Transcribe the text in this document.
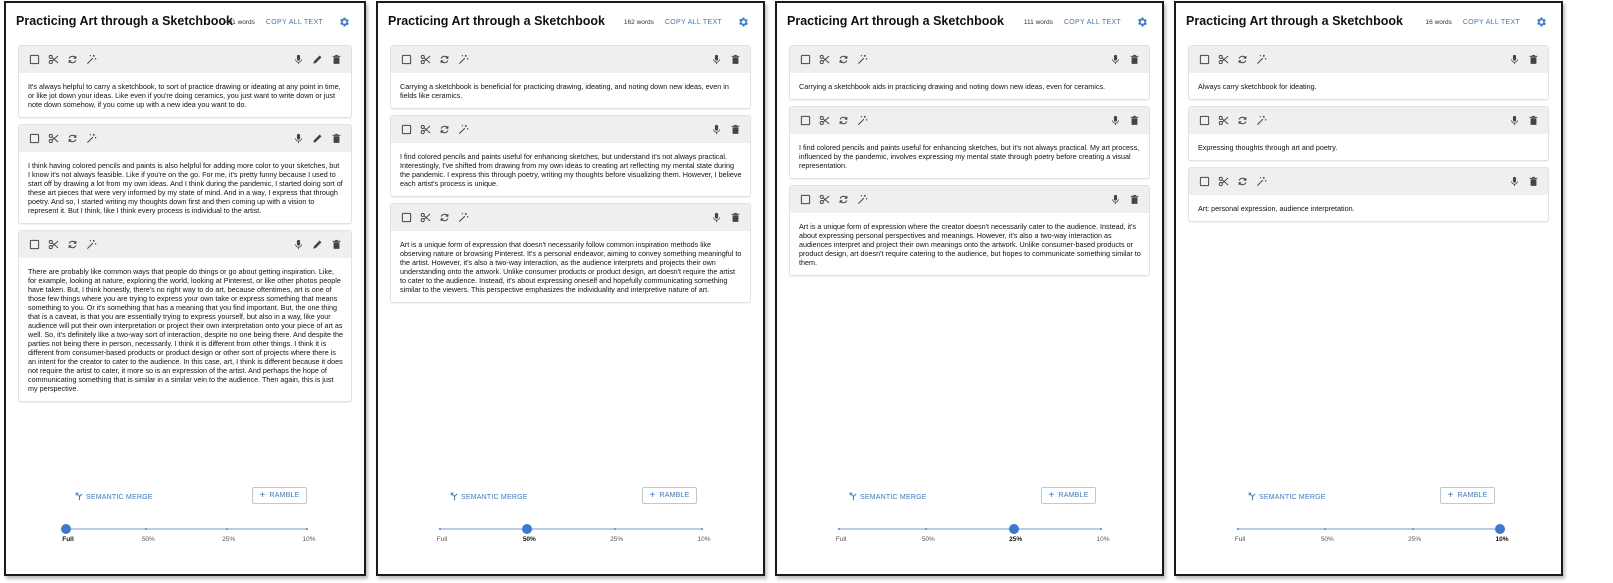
Practicing Art through a Sketchbook
401 words COPY ALL TEXT
It's always helpful to carry a sketchbook, to sort of practice drawing or ideating at any point in time, or like jot down your ideas. Like even if you're doing ceramics, you just want to write down or just note down somehow, if you come up with a new idea you want to do.
I think having colored pencils and paints is also helpful for adding more color to your sketches, but I know it's not always feasible. Like if you're on the go. For me, it's pretty funny because I used to start off by drawing a lot from my own ideas. And I think during the pandemic, I started doing sort of these art pieces that were very informed by my state of mind. And in a way, I express that through poetry. And so, I started writing my thoughts down first and then coming up with a vision to represent it. But I think, like I think every process is individual to the artist.
There are probably like common ways that people do things or go about getting inspiration. Like, for example, looking at nature, exploring the world, looking at Pinterest, or like other photos people have taken. But, I think honestly, there's no right way to do art, because oftentimes, art is one of those few things where you are trying to express your own take or express something that means something to you. Or it's something that has a meaning that you find important. But, the one thing that is a caveat, is that you are essentially trying to express yourself, but also in a way, like your audience will put their own interpretation or project their own interpretation onto your piece of art as well. So, it's definitely like a two-way sort of interaction, despite no one being there. And despite the parties not being there in person, necessarily. I think it is different from other things. I think it is different from consumer-based products or product design or other sort of projects where there is an intent for the creator to cater to the audience. In this case, art, I think is different because it does not require the artist to cater, it more so is an expression of the artist. And perhaps the hope of communicating something that is similar in a similar vein to the audience. Then again, this is just my perspective.
SEMANTIC MERGE	+ RAMBLE
Full	50%	25%	10%
Practicing Art through a Sketchbook	162 words COPY ALL TEXT
Carrying a sketchbook is beneficial for practicing drawing, ideating, and noting down new ideas, even in fields like ceramics.
I find colored pencils and paints useful for enhancing sketches, but understand it's not always practical. Interestingly, I've shifted from drawing from my own ideas to creating art reflecting my mental state during the pandemic. I express this through poetry, writing my thoughts before visualizing them. However, I believe each artist's process is unique.
Art is a unique form of expression that doesn't necessarily follow common inspiration methods like observing nature or browsing Pinterest. It's a personal endeavor, aiming to convey something meaningful to the artist. However, it's also a two-way interaction, as the audience interprets and projects their own understanding onto the artwork. Unlike consumer products or product design, art doesn't require the artist to cater to the audience. Instead, it's about expressing oneself and hopefully communicating something similar to the viewers. This perspective emphasizes the individuality and interpretive nature of art.
SEMANTIC MERGE	+ RAMBLE
Full	50%	25%	10%
Practicing Art through a Sketchbook	111 words COPY ALL TEXT
Carrying a sketchbook aids in practicing drawing and noting down new ideas, even for ceramics.
I find colored pencils and paints useful for enhancing sketches, but it's not always practical. My art process, influenced by the pandemic, involves expressing my mental state through poetry before creating a visual representation.
Art is a unique form of expression where the creator doesn't necessarily cater to the audience. Instead, it's about expressing personal perspectives and meanings. However, it's also a two-way interaction as audiences interpret and project their own meanings onto the artwork. Unlike consumer-based products or product design, art doesn't require catering to the audience, but hopes to communicate something similar to them.
SEMANTIC MERGE	+ RAMBLE
Full	50%	25%	10%
Practicing Art through a Sketchbook	16 words COPY ALL TEXT
Always carry sketchbook for ideating.
Expressing thoughts through art and poetry.
Art: personal expression, audience interpretation.
SEMANTIC MERGE	+ RAMBLE
Full	50%	25%	10%
